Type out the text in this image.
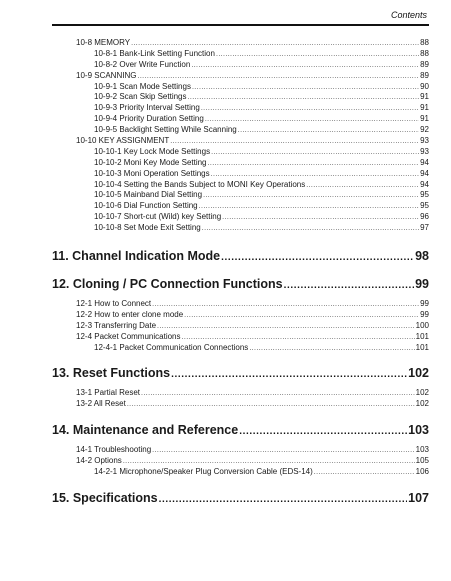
Contents
10-8 MEMORY .....	88
10-8-1 Bank-Link Setting Function .....	88
10-8-2 Over Write Function .....	89
10-9 SCANNING .....	89
10-9-1 Scan Mode Settings .....	90
10-9-2 Scan Skip Settings .....	91
10-9-3 Priority Interval Setting .....	91
10-9-4 Priority Duration Setting .....	91
10-9-5 Backlight Setting While Scanning .....	92
10-10 KEY ASSIGNMENT .....	93
10-10-1 Key Lock Mode Settings .....	93
10-10-2 Moni Key Mode Setting .....	94
10-10-3 Moni Operation Settings .....	94
10-10-4 Setting the Bands Subject to MONI Key Operations .....	94
10-10-5 Mainband Dial Setting .....	95
10-10-6 Dial Function Setting .....	95
10-10-7 Short-cut (Wild) key Setting .....	96
10-10-8 Set Mode Exit Setting .....	97
11. Channel Indication Mode .....	98
12. Cloning / PC Connection Functions .....	99
12-1 How to Connect .....	99
12-2 How to enter clone mode .....	99
12-3 Transferring Date .....	100
12-4 Packet Communications .....	101
12-4-1 Packet Communication Connections .....	101
13. Reset Functions .....	102
13-1 Partial Reset .....	102
13-2 All Reset .....	102
14. Maintenance and Reference .....	103
14-1 Troubleshooting .....	103
14-2 Options .....	105
14-2-1 Microphone/Speaker Plug Conversion Cable (EDS-14) .....	106
15. Specifications .....	107
